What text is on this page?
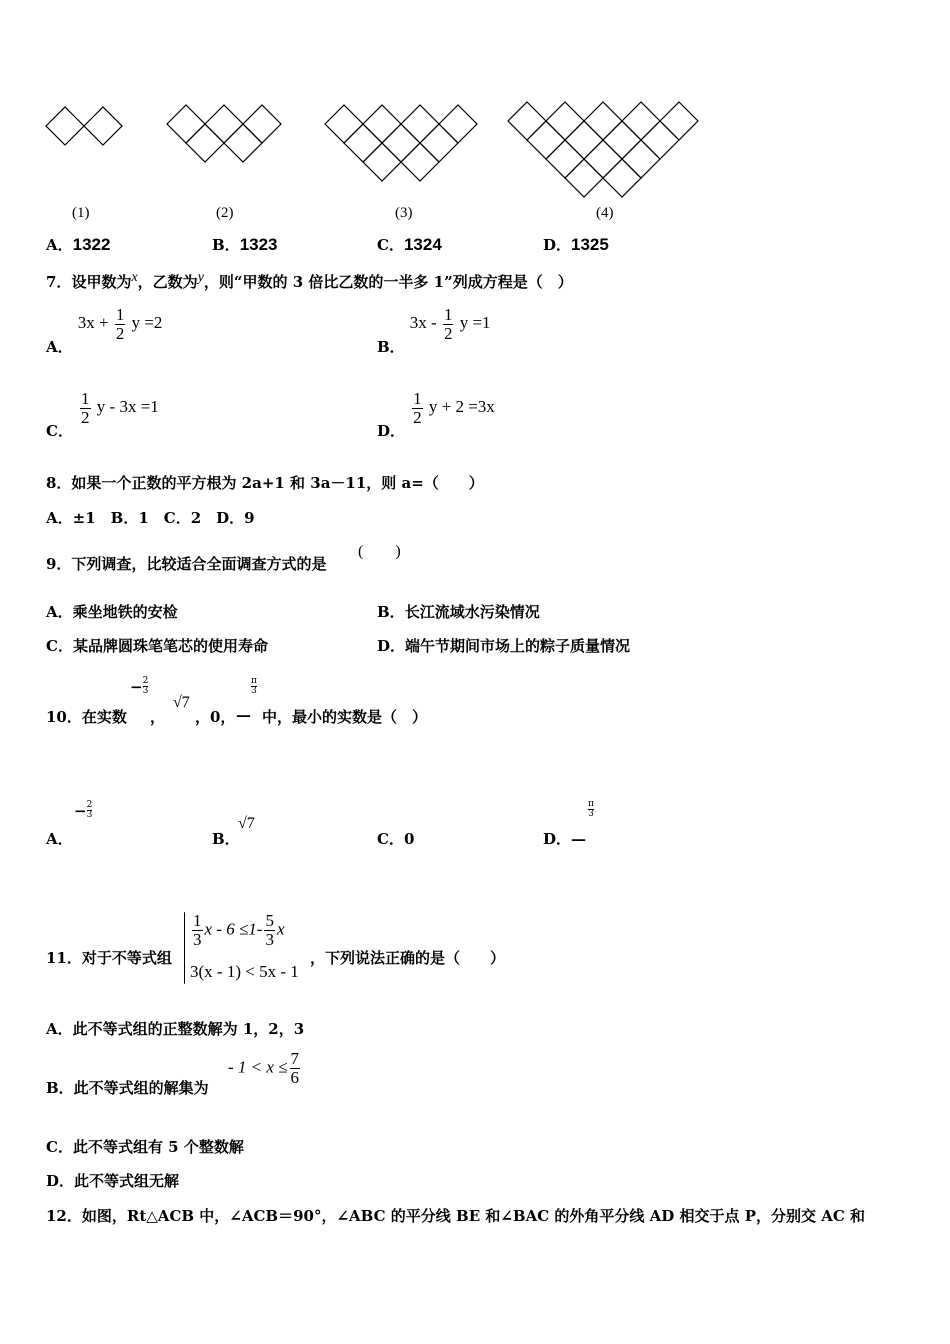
(1)	(2)	(3)	(4)
A．1322	B．1323	C．1324	D．1325
7．设甲数为$^x$，乙数为$^y$，则“甲数的 3 倍比乙数的一半多 1”列成方程是（　）
A． $3x + \frac{1}{2}$ y =2
B． $3x - \frac{1}{2}$ y =1
C．
$\frac{1}{2}$ y - 3x =1
D．
$\frac{1}{2}$ y + 2 =3x
8．如果一个正数的平方根为 2a+1 和 3a－11，则 a=（　　）
A．±1　B．1　C．2　D．9
9．下列调查，比较适合全面调查方式的是
(　　)
A．乘坐地铁的安检	B．长江流域水污染情况
C．某品牌圆珠笔笔芯的使用寿命	D．端午节期间市场上的粽子质量情况
10．在实数
− $\frac{2}{3}$
，
√7
，0， —
π
3
中，最小的实数是（　）
A．
− $\frac{2}{3}$
B．
√7
C．0	D．—
π
3
11．对于不等式组
$\frac{1}{3}$ $x - 6 \le 1- \frac{5}{3}$ x
3(x - 1) < 5x - 1
，下列说法正确的是（　　）
A．此不等式组的正整数解为 1，2，3
B．此不等式组的解集为
- $1 < x \le \frac{7}{6}$
C．此不等式组有 5 个整数解
D．此不等式组无解
12．如图，Rt△ACB 中，∠ACB＝90°，∠ABC 的平分线 BE 和∠BAC 的外角平分线 AD 相交于点 P，分别交 AC 和
